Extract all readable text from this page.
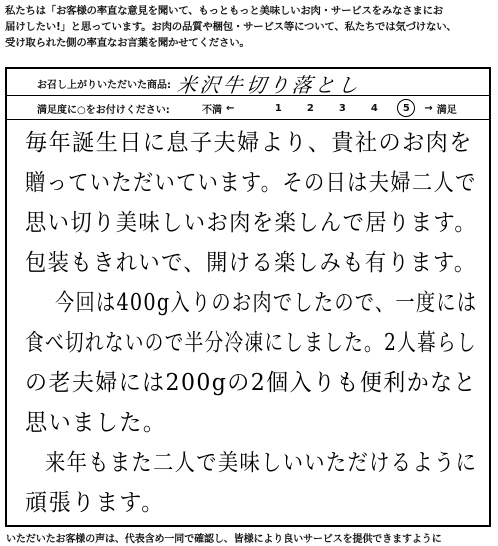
私たちは「お客様の率直な意見を聞いて、もっともっと美味しいお肉・サービスをみなさまにお
届けしたい!」と思っています。お肉の品質や梱包・サービス等について、私たちでは気づけない、
受け取られた側の率直なお言葉を聞かせてください。
お召し上がりいただいた商品: 米沢牛切り落とし
満足度に○をお付けください:	不満 ←	1	2	3	4	5	→ 満足
毎年誕生日に息子夫婦より、貴社のお肉を
贈っていただいています。その日は夫婦二人で
思い切り美味しいお肉を楽しんで居ります。
包装もきれいで、開ける楽しみも有ります。
今回は400g入りのお肉でしたので、一度には
食べ切れないので半分冷凍にしました。2人暮らし
の老夫婦には200gの2個入りも便利かなと
思いました。
来年もまた二人で美味しいいただけるように
頑張ります。
いただいたお客様の声は、代表含め一同で確認し、皆様により良いサービスを提供できますように
